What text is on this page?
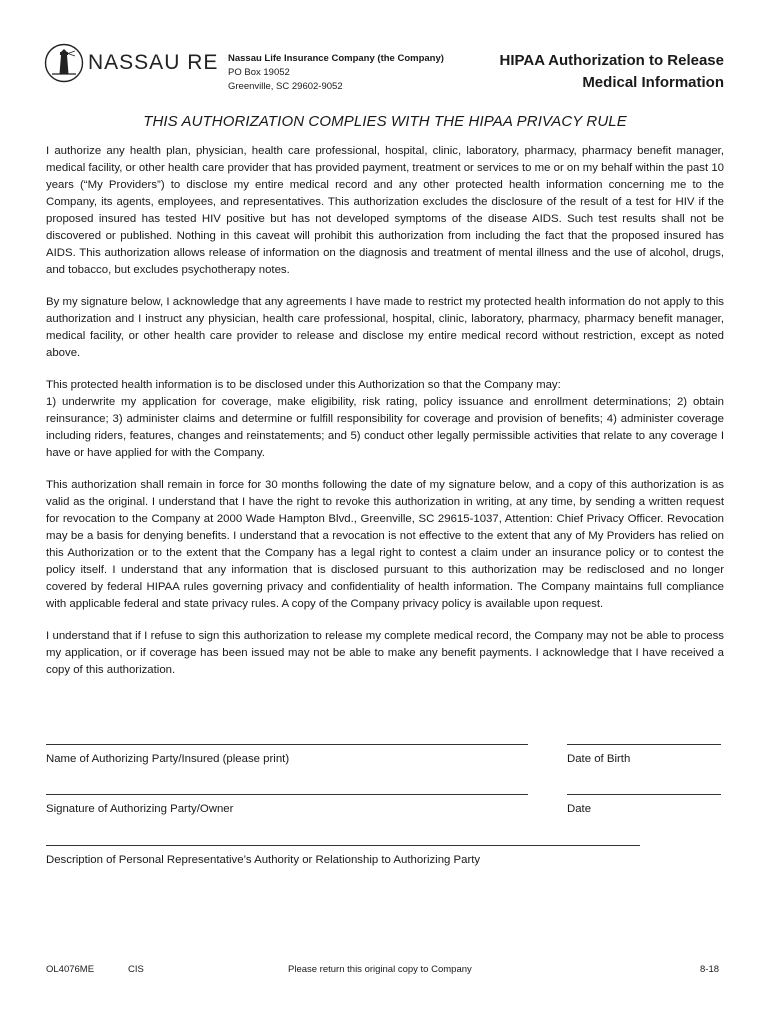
NASSAU RE Nassau Life Insurance Company (the Company)
PO Box 19052
Greenville, SC 29602-9052
HIPAA Authorization to Release
Medical Information
THIS AUTHORIZATION COMPLIES WITH THE HIPAA PRIVACY RULE

I authorize any health plan, physician, health care professional, hospital, clinic, laboratory, pharmacy, pharmacy benefit manager, medical facility, or other health care provider that has provided payment, treatment or services to me or on my behalf within the past 10 years (“My Providers”) to disclose my entire medical record and any other protected health information concerning me to the Company, its agents, employees, and representatives. This authorization excludes the disclosure of the result of a test for HIV if the proposed insured has tested HIV positive but has not developed symptoms of the disease AIDS. Such test results shall not be discovered or published. Nothing in this caveat will prohibit this authorization from including the fact that the proposed insured has AIDS. This authorization allows release of information on the diagnosis and treatment of mental illness and the use of alcohol, drugs, and tobacco, but excludes psychotherapy notes.

By my signature below, I acknowledge that any agreements I have made to restrict my protected health information do not apply to this authorization and I instruct any physician, health care professional, hospital, clinic, laboratory, pharmacy, pharmacy benefit manager, medical facility, or other health care provider to release and disclose my entire medical record without restriction, except as noted above.

This protected health information is to be disclosed under this Authorization so that the Company may:
1) underwrite my application for coverage, make eligibility, risk rating, policy issuance and enrollment determinations; 2) obtain reinsurance; 3) administer claims and determine or fulfill responsibility for coverage and provision of benefits; 4) administer coverage including riders, features, changes and reinstatements; and 5) conduct other legally permissible activities that relate to any coverage I have or have applied for with the Company.

This authorization shall remain in force for 30 months following the date of my signature below, and a copy of this authorization is as valid as the original. I understand that I have the right to revoke this authorization in writing, at any time, by sending a written request for revocation to the Company at 2000 Wade Hampton Blvd., Greenville, SC 29615-1037, Attention: Chief Privacy Officer. Revocation may be a basis for denying benefits. I understand that a revocation is not effective to the extent that any of My Providers has relied on this Authorization or to the extent that the Company has a legal right to contest a claim under an insurance policy or to contest the policy itself. I understand that any information that is disclosed pursuant to this authorization may be redisclosed and no longer covered by federal HIPAA rules governing privacy and confidentiality of health information. The Company maintains full compliance with applicable federal and state privacy rules. A copy of the Company privacy policy is available upon request.

I understand that if I refuse to sign this authorization to release my complete medical record, the Company may not be able to process my application, or if coverage has been issued may not be able to make any benefit payments. I acknowledge that I have received a copy of this authorization.

Name of Authorizing Party/Insured (please print)	Date of Birth
Signature of Authorizing Party/Owner	Date
Description of Personal Representative’s Authority or Relationship to Authorizing Party
OL4076ME	CIS	Please return this original copy to Company	8-18
